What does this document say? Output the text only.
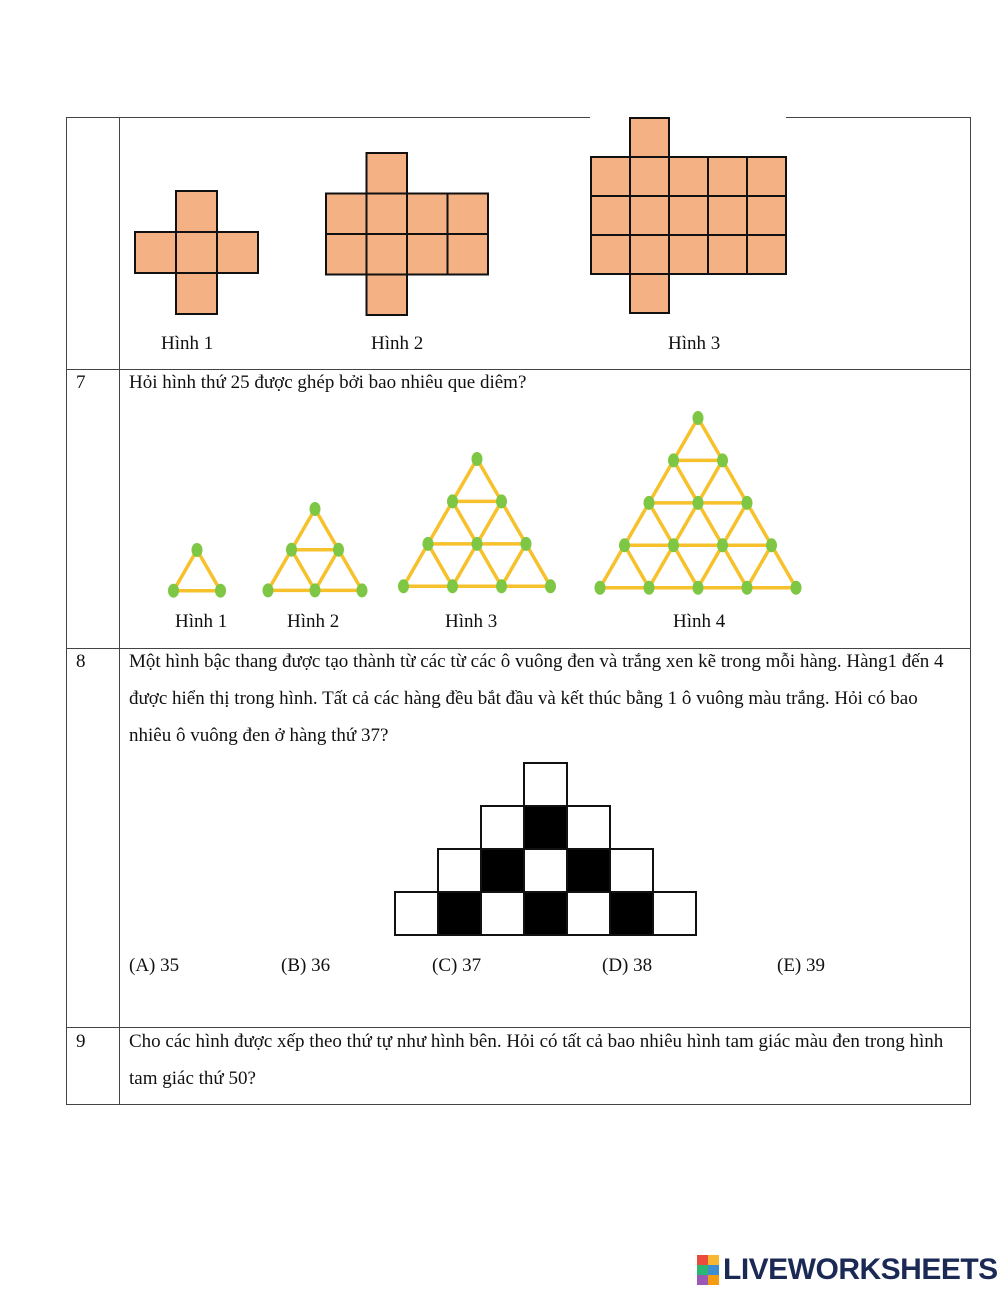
Hình 1	Hình 2	Hình 3
7 Hỏi hình thứ 25 được ghép bởi bao nhiêu que diêm?
Hình 1	Hình 2	Hình 3	Hình 4
8 Một hình bậc thang được tạo thành từ các từ các ô vuông đen và trắng xen kẽ trong mỗi hàng. Hàng1 đến 4 được hiển thị trong hình. Tất cả các hàng đều bắt đầu và kết thúc bằng 1 ô vuông màu trắng. Hỏi có bao nhiêu ô vuông đen ở hàng thứ 37?
(A) 35	(B) 36	(C) 37	(D) 38	(E) 39
9 Cho các hình được xếp theo thứ tự như hình bên. Hỏi có tất cả bao nhiêu hình tam giác màu đen trong hình tam giác thứ 50?
LIVEWORKSHEETS
